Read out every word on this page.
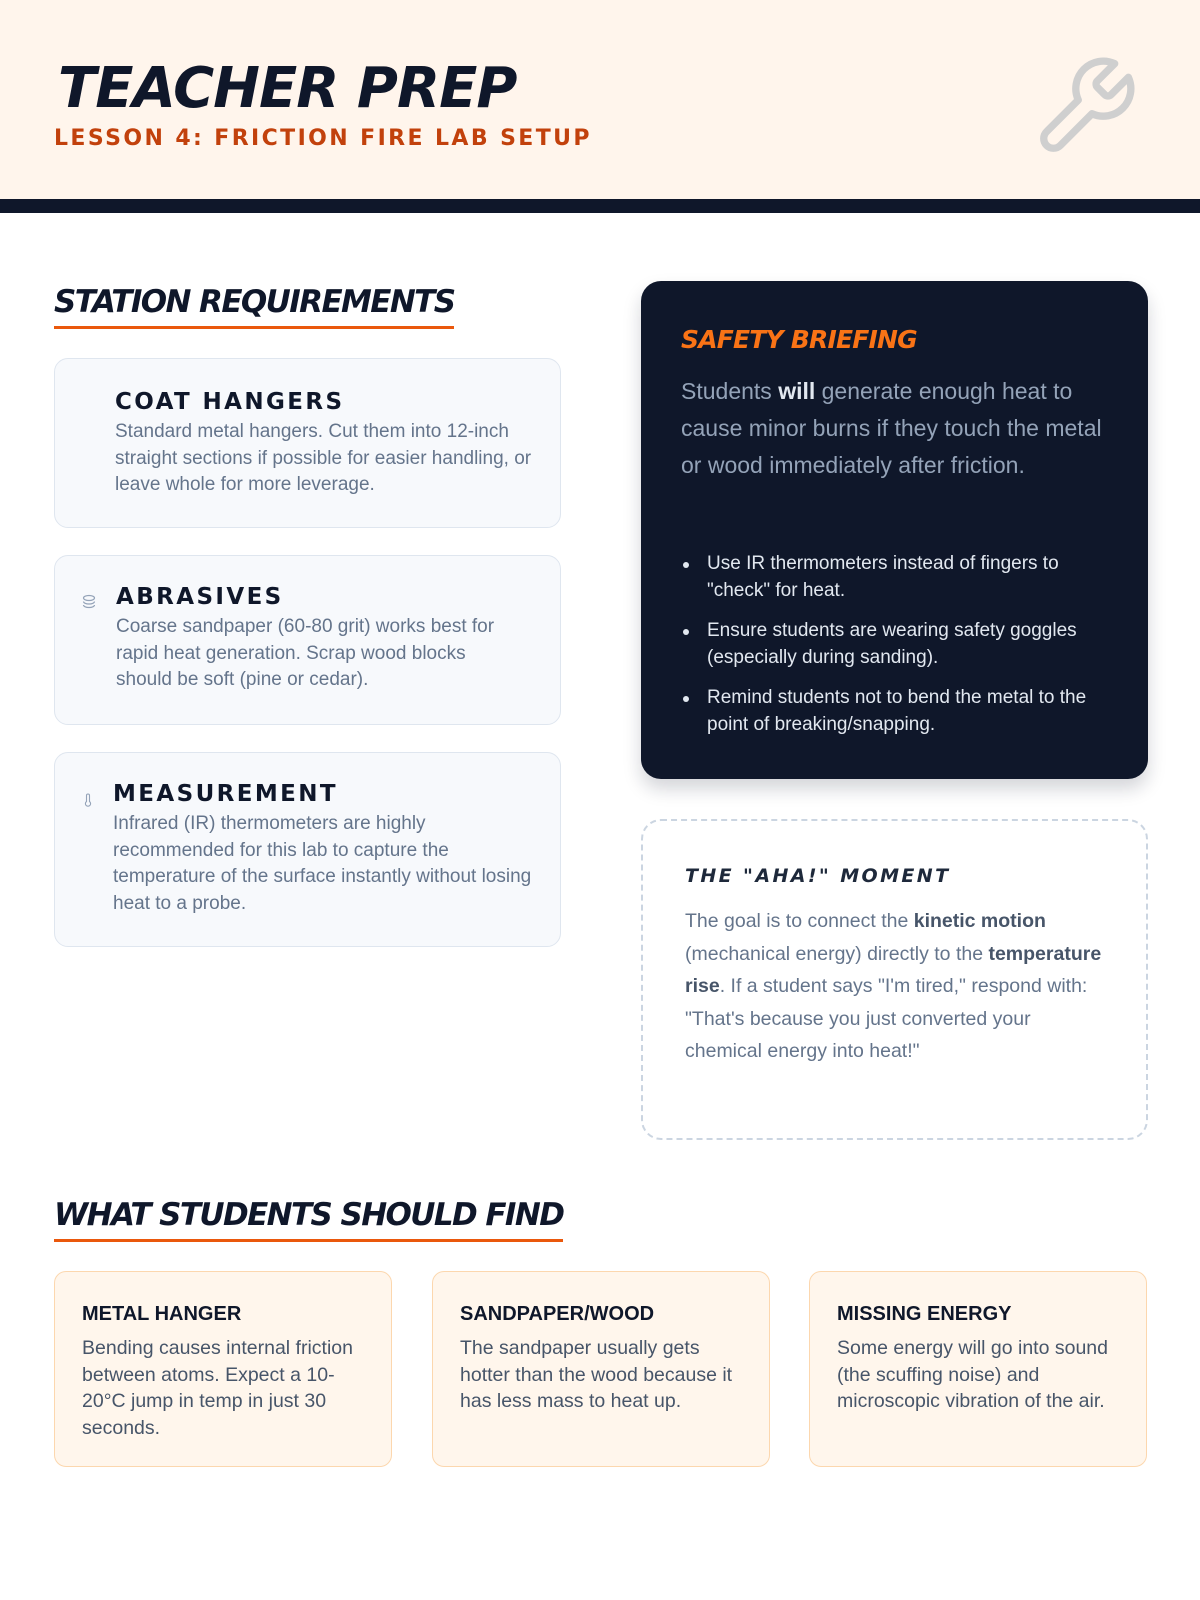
TEACHER PREP
LESSON 4: FRICTION FIRE LAB SETUP
STATION REQUIREMENTS
COAT HANGERS
Standard metal hangers. Cut them into 12-inch straight sections if possible for easier handling, or leave whole for more leverage.
ABRASIVES
Coarse sandpaper (60-80 grit) works best for rapid heat generation. Scrap wood blocks should be soft (pine or cedar).
MEASUREMENT
Infrared (IR) thermometers are highly recommended for this lab to capture the temperature of the surface instantly without losing heat to a probe.
SAFETY BRIEFING
Students will generate enough heat to cause minor burns if they touch the metal or wood immediately after friction.
Use IR thermometers instead of fingers to "check" for heat.
Ensure students are wearing safety goggles (especially during sanding).
Remind students not to bend the metal to the point of breaking/snapping.
THE "AHA!" MOMENT
The goal is to connect the kinetic motion (mechanical energy) directly to the temperature rise. If a student says "I'm tired," respond with: "That's because you just converted your chemical energy into heat!"
WHAT STUDENTS SHOULD FIND
METAL HANGER
Bending causes internal friction between atoms. Expect a 10-20°C jump in temp in just 30 seconds.
SANDPAPER/WOOD
The sandpaper usually gets hotter than the wood because it has less mass to heat up.
MISSING ENERGY
Some energy will go into sound (the scuffing noise) and microscopic vibration of the air.
